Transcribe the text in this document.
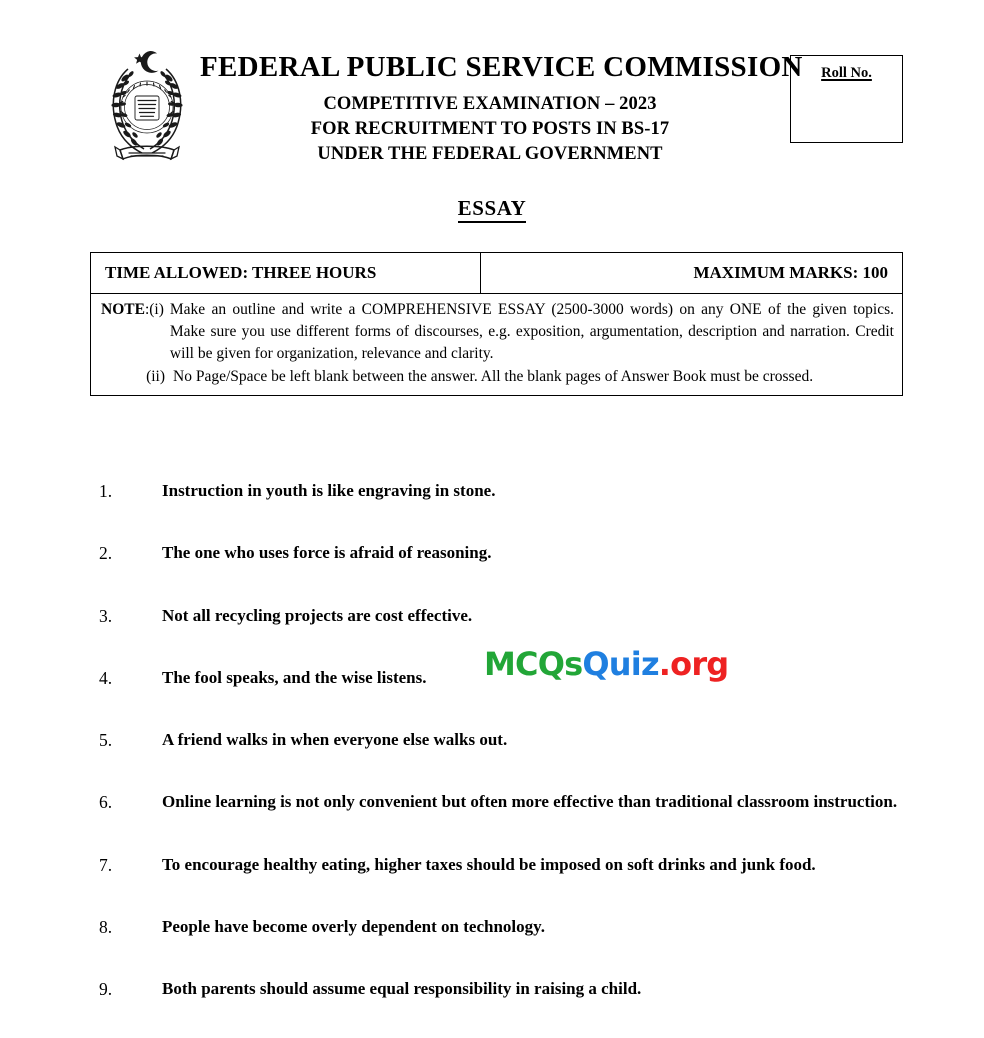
FEDERAL PUBLIC SERVICE COMMISSION
COMPETITIVE EXAMINATION – 2023
FOR RECRUITMENT TO POSTS IN BS-17
UNDER THE FEDERAL GOVERNMENT
Roll No.
ESSAY
TIME ALLOWED: THREE HOURS	MAXIMUM MARKS: 100
NOTE:(i) Make an outline and write a COMPREHENSIVE ESSAY (2500-3000 words) on any ONE of the given topics. Make sure you use different forms of discourses, e.g. exposition, argumentation, description and narration. Credit will be given for organization, relevance and clarity.
(ii) No Page/Space be left blank between the answer. All the blank pages of Answer Book must be crossed.
1.	Instruction in youth is like engraving in stone.
2.	The one who uses force is afraid of reasoning.
3.	Not all recycling projects are cost effective.
4.	The fool speaks, and the wise listens.
5.	A friend walks in when everyone else walks out.
6.	Online learning is not only convenient but often more effective than traditional classroom instruction.
7.	To encourage healthy eating, higher taxes should be imposed on soft drinks and junk food.
8.	People have become overly dependent on technology.
9.	Both parents should assume equal responsibility in raising a child.
MCQsQuiz.org
